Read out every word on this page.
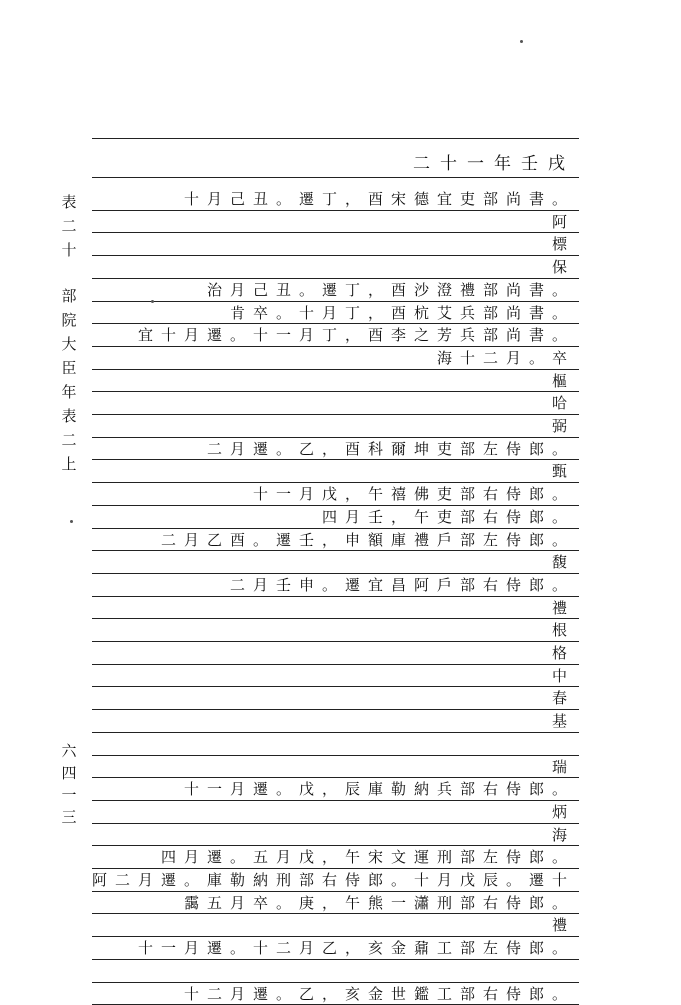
表
二
十
部
院
大
臣
年
表
二
上
六
四
一
三
二十一年壬戌
十月己丑。遷丁，酉宋德宜吏部尚書。
阿
標
保
治月己丑。遷丁，酉沙澄禮部尚書。
肯卒。十月丁，酉杭艾兵部尚書。
宜十月遷。十一月丁，酉李之芳兵部尚書。
海十二月。卒
樞
哈
弼
二月遷。乙，酉科爾坤吏部左侍郎。
甄
十一月戊，午禧佛吏部右侍郎。
四月壬，午吏部右侍郎。
二月乙酉。遷壬，申額庫禮戶部左侍郎。
馥
二月壬申。遷宜昌阿戶部右侍郎。
禮
根
格
中
春
基
瑞
十一月遷。戊，辰庫勒納兵部右侍郎。
炳
海
四月遷。五月戊，午宋文運刑部左侍郎。
阿二月遷。庫勒納刑部右侍郎。十月戊辰。遷十
靄五月卒。庚，午熊一瀟刑部右侍郎。
禮
十一月遷。十二月乙，亥金鼐工部左侍郎。
十二月遷。乙，亥金世鑑工部右侍郎。
